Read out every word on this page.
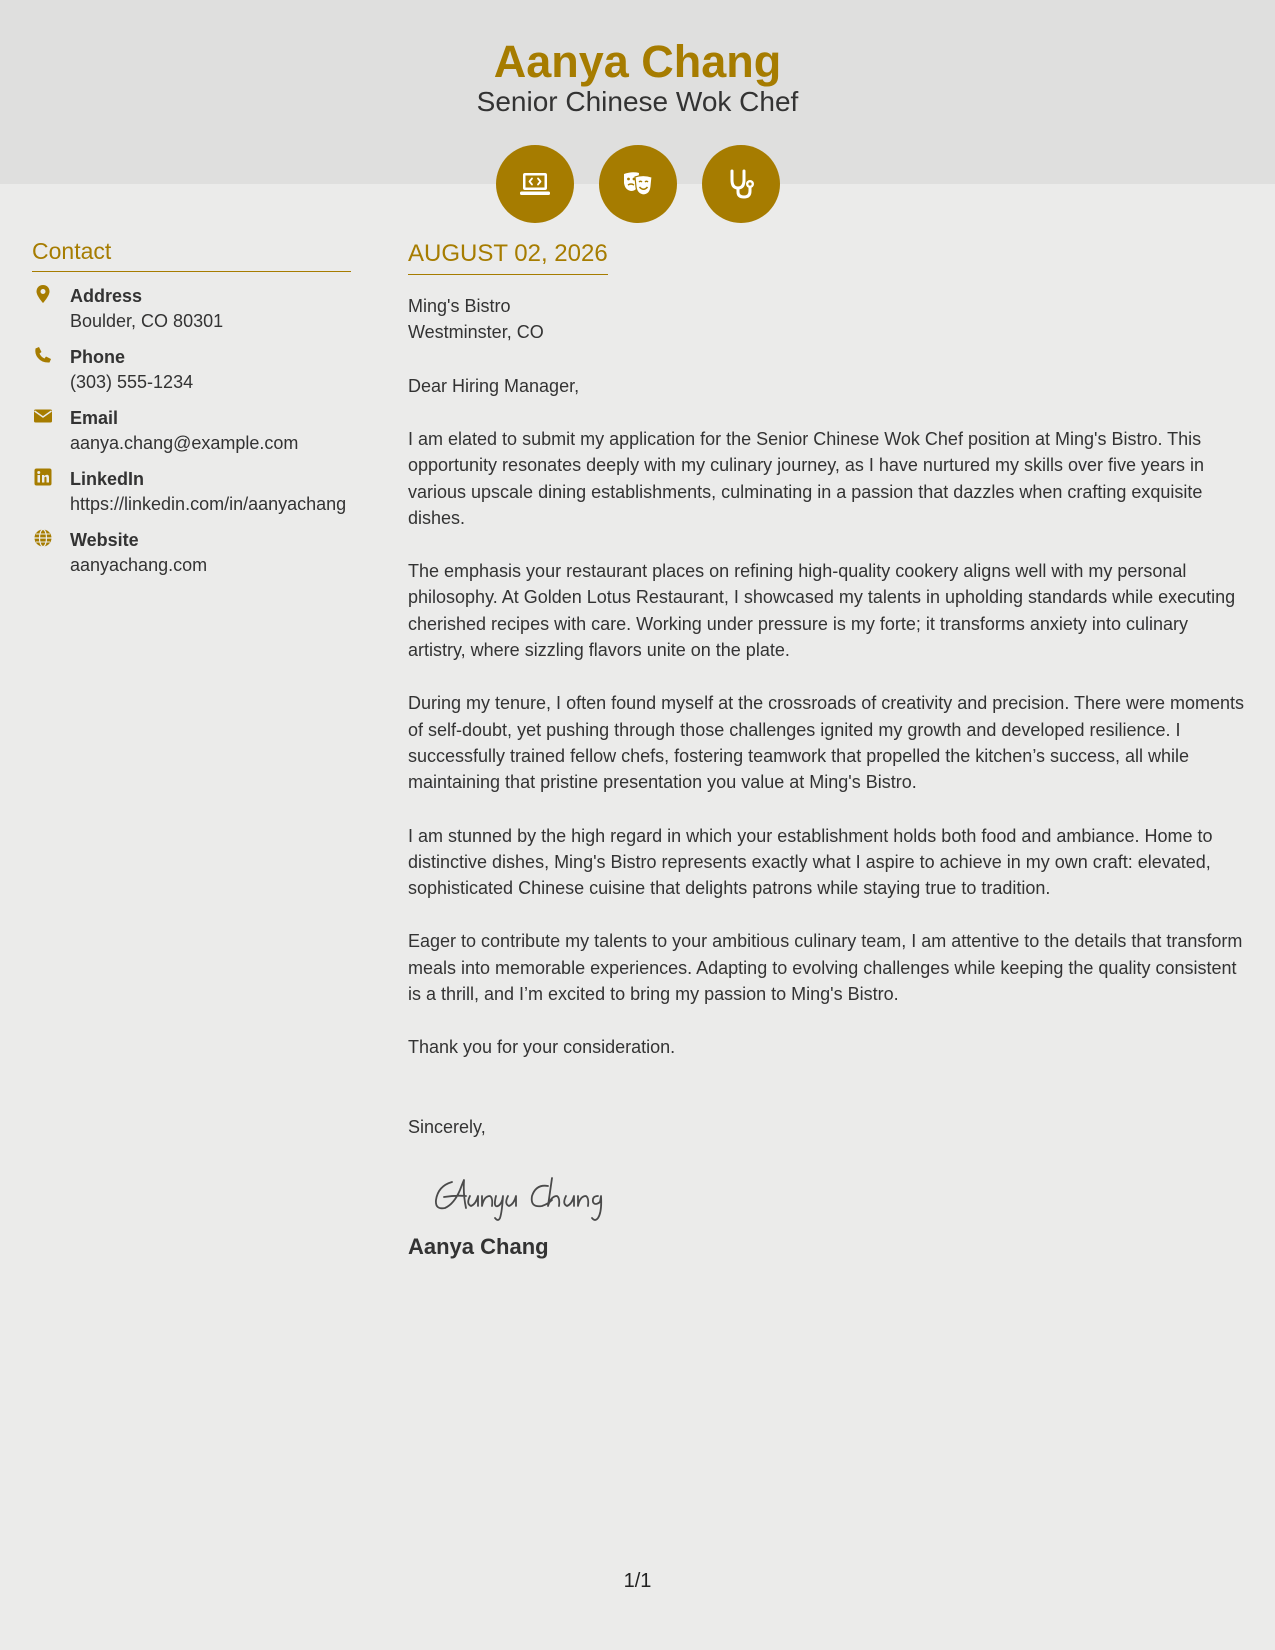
Aanya Chang
Senior Chinese Wok Chef
Contact
Address
Boulder, CO 80301
Phone
(303) 555-1234
Email
aanya.chang@example.com
LinkedIn
https://linkedin.com/in/aanyachang
Website
aanyachang.com
AUGUST 02, 2026
Ming's Bistro
Westminster, CO
Dear Hiring Manager,
I am elated to submit my application for the Senior Chinese Wok Chef position at Ming's Bistro. This opportunity resonates deeply with my culinary journey, as I have nurtured my skills over five years in various upscale dining establishments, culminating in a passion that dazzles when crafting exquisite dishes.
The emphasis your restaurant places on refining high-quality cookery aligns well with my personal philosophy. At Golden Lotus Restaurant, I showcased my talents in upholding standards while executing cherished recipes with care. Working under pressure is my forte; it transforms anxiety into culinary artistry, where sizzling flavors unite on the plate.
During my tenure, I often found myself at the crossroads of creativity and precision. There were moments of self-doubt, yet pushing through those challenges ignited my growth and developed resilience. I successfully trained fellow chefs, fostering teamwork that propelled the kitchen’s success, all while maintaining that pristine presentation you value at Ming's Bistro.
I am stunned by the high regard in which your establishment holds both food and ambiance. Home to distinctive dishes, Ming's Bistro represents exactly what I aspire to achieve in my own craft: elevated, sophisticated Chinese cuisine that delights patrons while staying true to tradition.
Eager to contribute my talents to your ambitious culinary team, I am attentive to the details that transform meals into memorable experiences. Adapting to evolving challenges while keeping the quality consistent is a thrill, and I’m excited to bring my passion to Ming's Bistro.
Thank you for your consideration.
Sincerely,
Aanya Chang
1/1
